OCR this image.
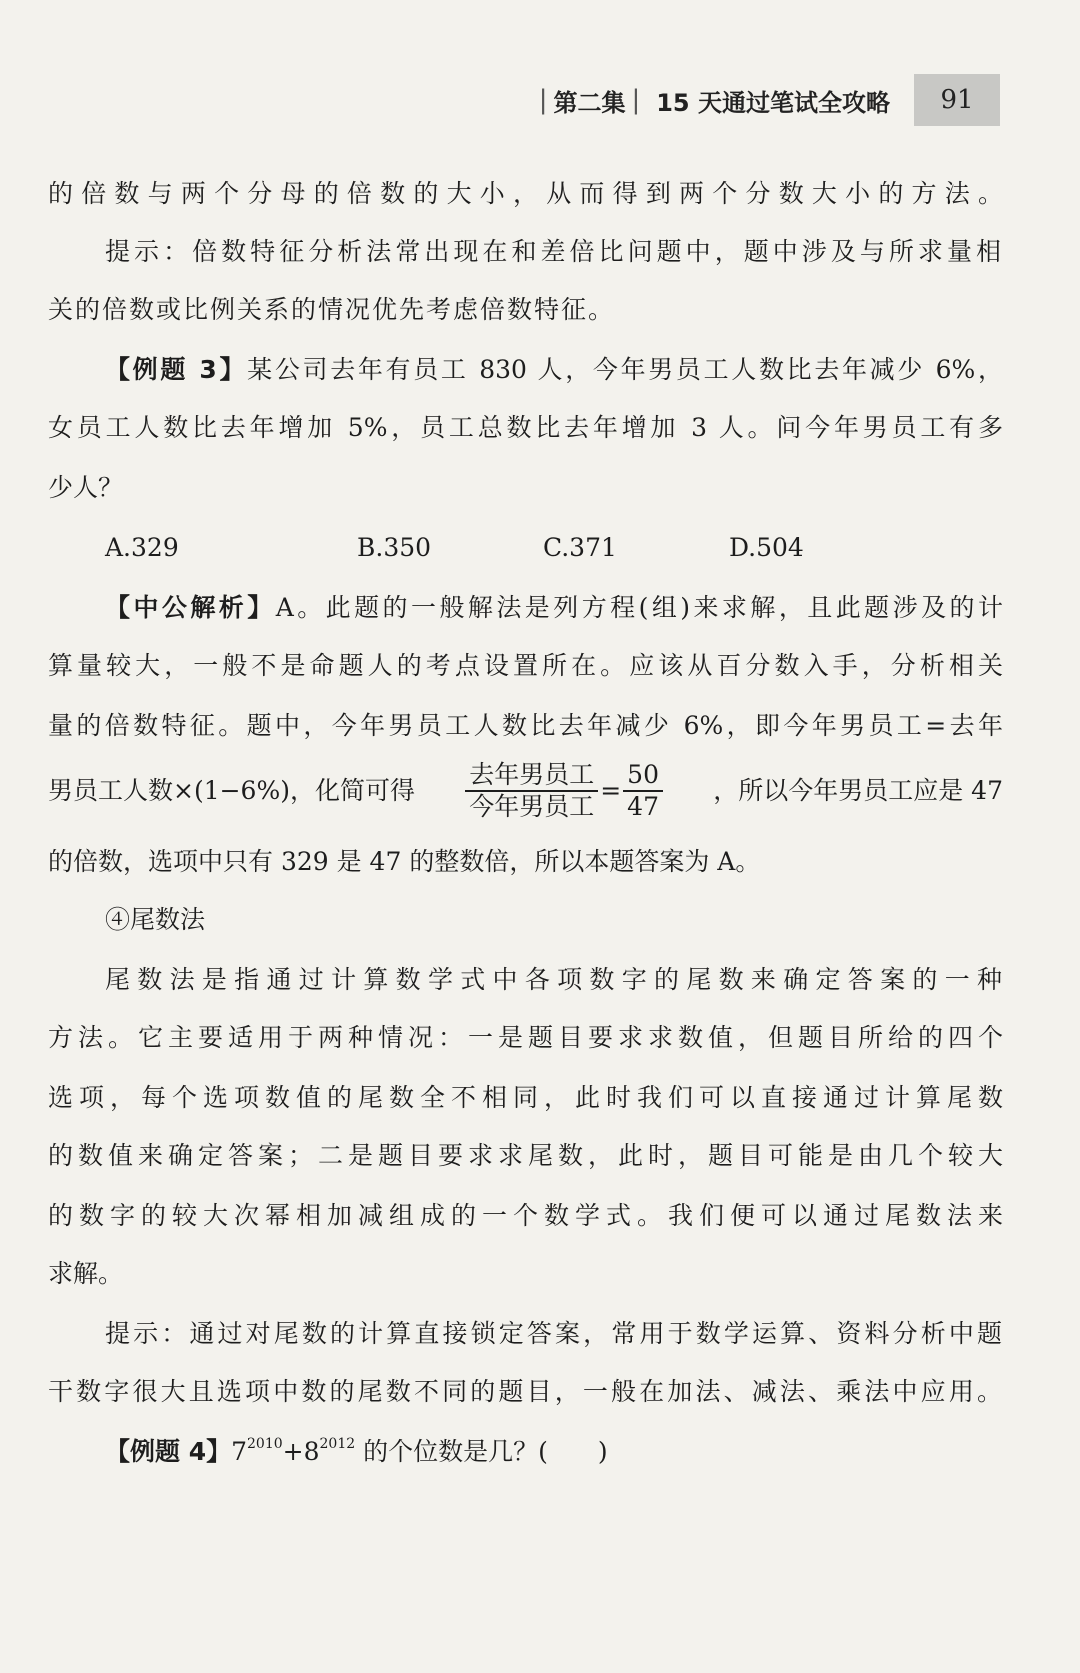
| 第二集 | 15 天通过笔试全攻略	91
的倍数与两个分母的倍数的大小，从而得到两个分数大小的方法。
提示：倍数特征分析法常出现在和差倍比问题中，题中涉及与所求量相
关的倍数或比例关系的情况优先考虑倍数特征。
【例题 3】某公司去年有员工 830 人，今年男员工人数比去年减少 6%，
女员工人数比去年增加 5%，员工总数比去年增加 3 人。问今年男员工有多
少人？
A.329	B.350	C.371	D.504
【中公解析】A。此题的一般解法是列方程(组)来求解，且此题涉及的计
算量较大，一般不是命题人的考点设置所在。应该从百分数入手，分析相关
量的倍数特征。题中，今年男员工人数比去年减少 6%，即今年男员工=去年
男员工人数×(1−6%)，化简可得 $\frac{\text{去年男员工}}{\text{今年男员工}} = \frac{50}{47}$ ，所以今年男员工应是 47
的倍数，选项中只有 329 是 47 的整数倍，所以本题答案为 A。
④尾数法
尾数法是指通过计算数学式中各项数字的尾数来确定答案的一种
方法。它主要适用于两种情况：一是题目要求求数值，但题目所给的四个
选项，每个选项数值的尾数全不相同，此时我们可以直接通过计算尾数
的数值来确定答案；二是题目要求求尾数，此时，题目可能是由几个较大
的数字的较大次幂相加减组成的一个数学式。我们便可以通过尾数法来
求解。
提示：通过对尾数的计算直接锁定答案，常用于数学运算、资料分析中题
干数字很大且选项中数的尾数不同的题目，一般在加法、减法、乘法中应用。
【例题 4】$7^{2010}+8^{2012}$ 的个位数是几？(　　)
